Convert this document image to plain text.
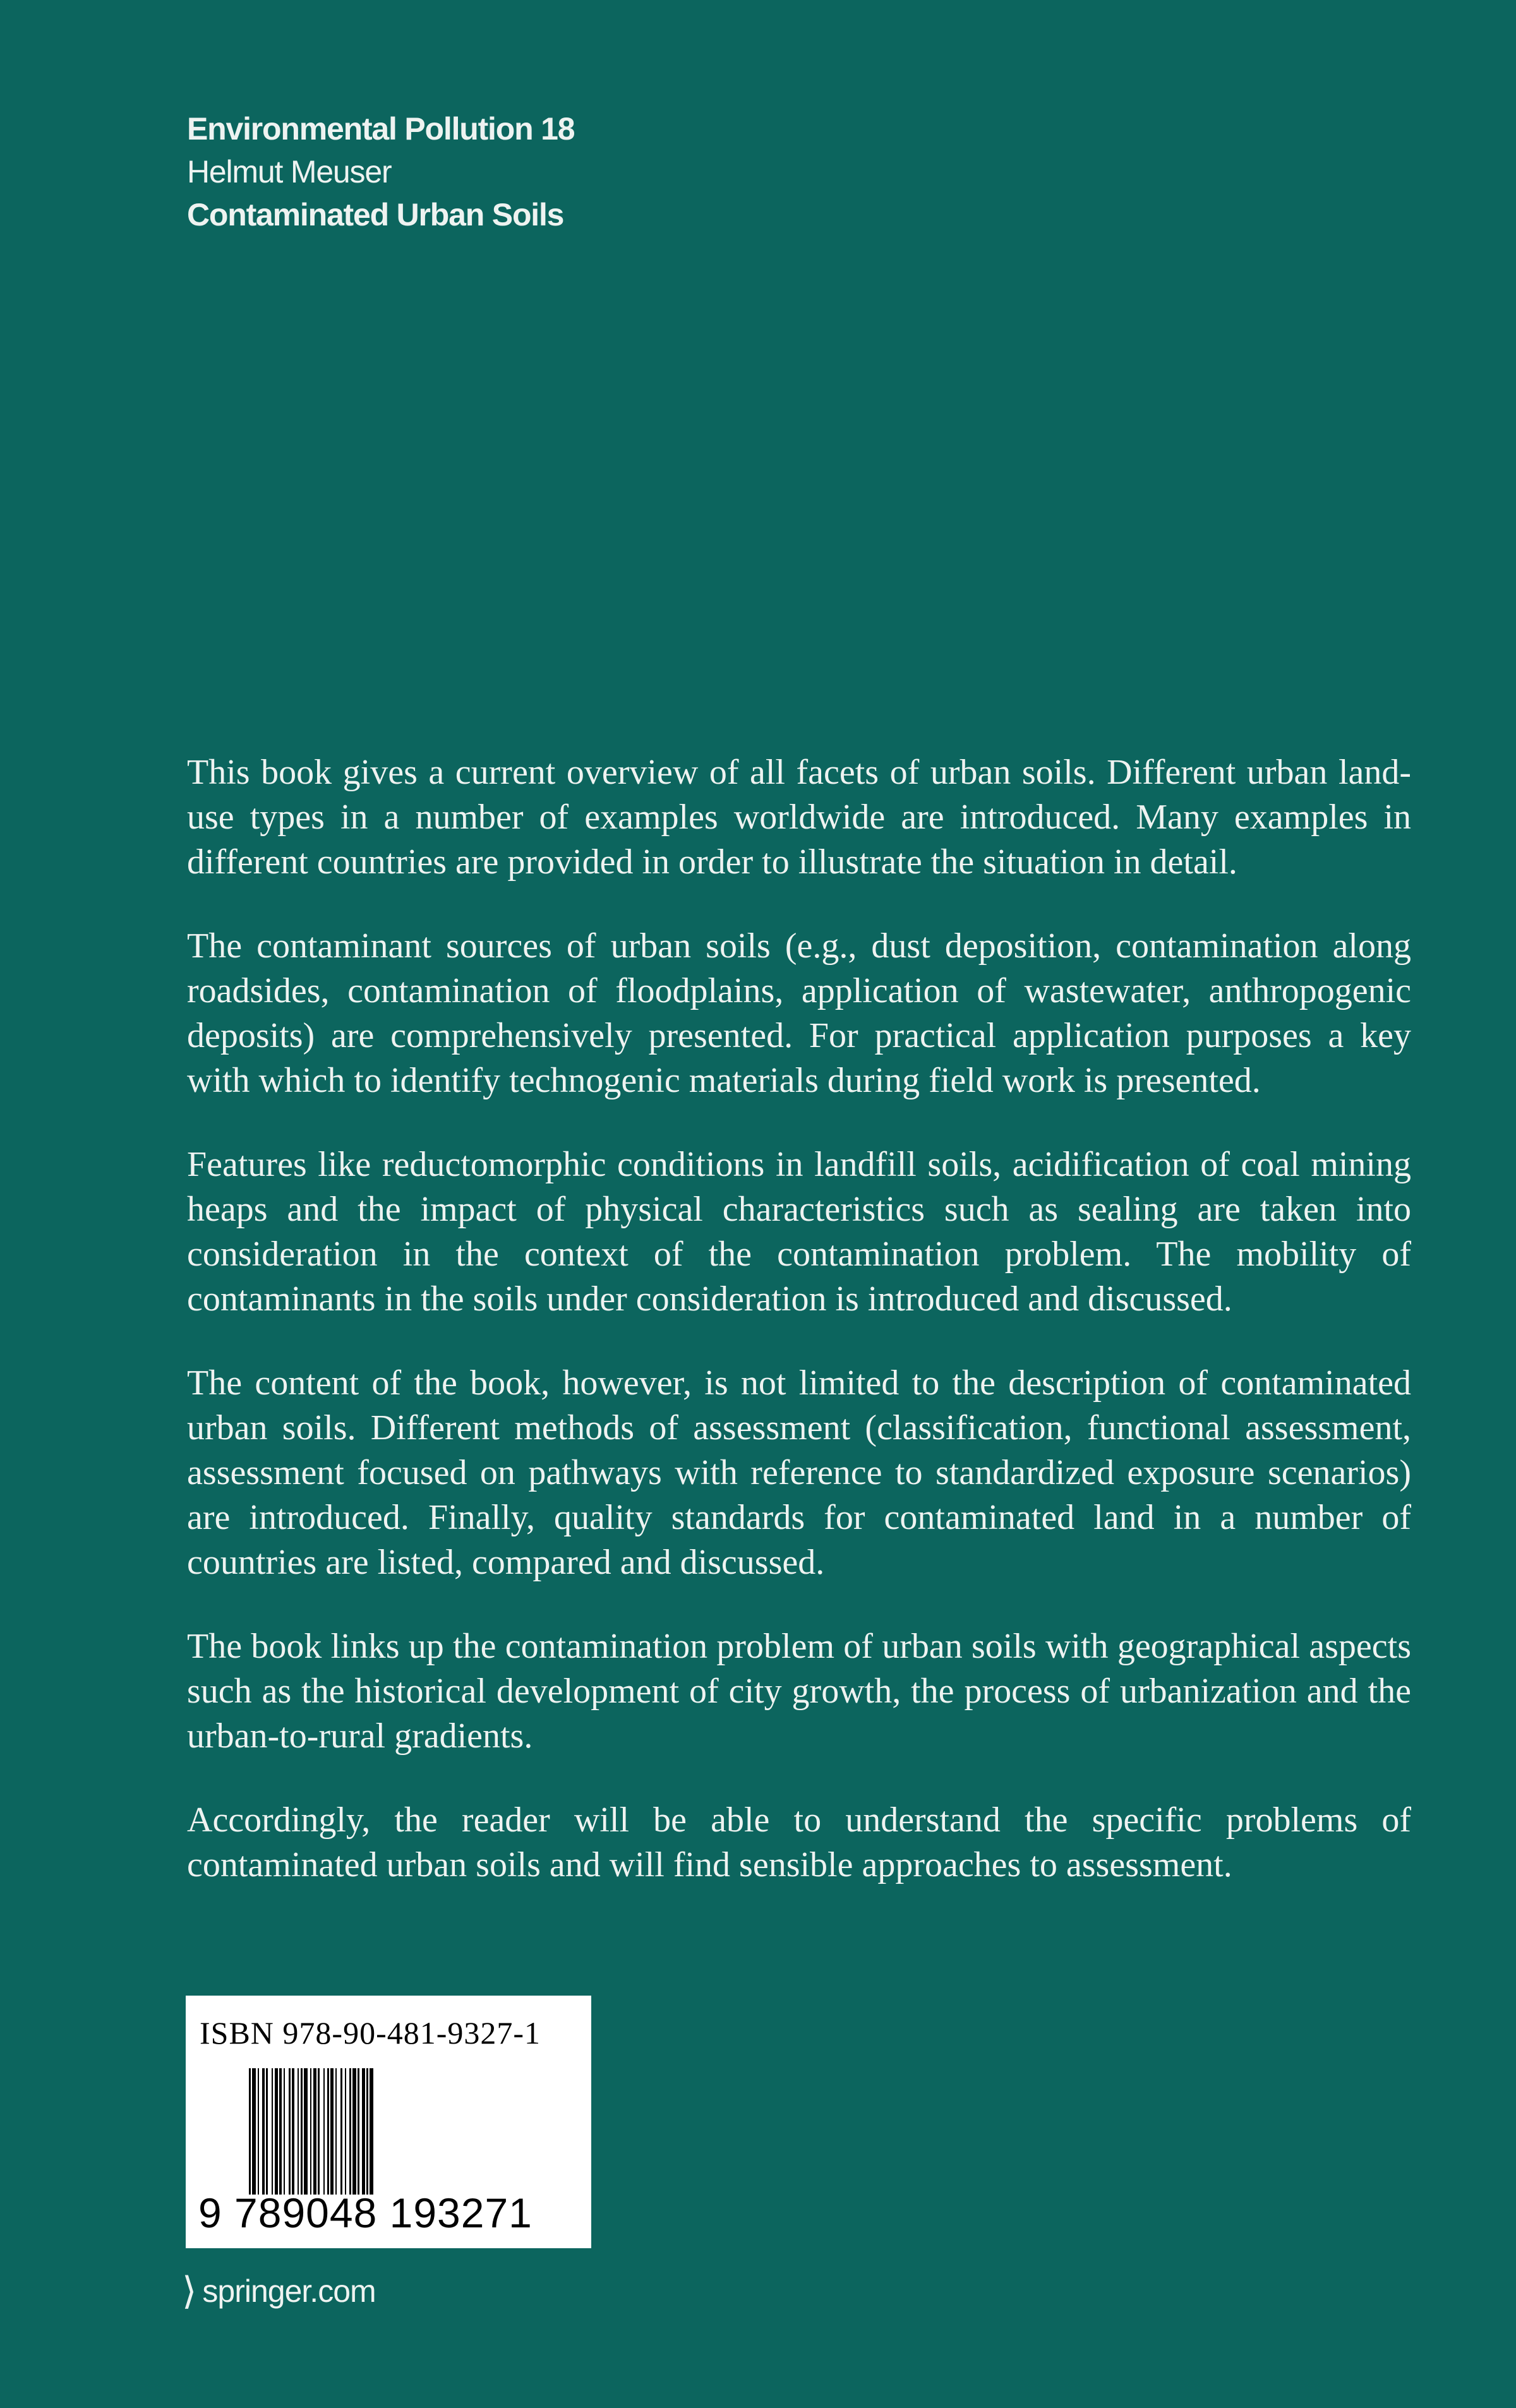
Environmental Pollution 18
Helmut Meuser
Contaminated Urban Soils

This book gives a current overview of all facets of urban soils. Different urban land-use types in a number of examples worldwide are introduced. Many examples in different countries are provided in order to illustrate the situation in detail.

The contaminant sources of urban soils (e.g., dust deposition, contamination along roadsides, contamination of floodplains, application of wastewater, anthropogenic deposits) are comprehensively presented. For practical application purposes a key with which to identify technogenic materials during field work is presented.

Features like reductomorphic conditions in landfill soils, acidification of coal mining heaps and the impact of physical characteristics such as sealing are taken into consideration in the context of the contamination problem. The mobility of contaminants in the soils under consideration is introduced and discussed.

The content of the book, however, is not limited to the description of contaminated urban soils. Different methods of assessment (classification, functional assessment, assessment focused on pathways with reference to standardized exposure scenarios) are introduced. Finally, quality standards for contaminated land in a number of countries are listed, compared and discussed.

The book links up the contamination problem of urban soils with geographical aspects such as the historical development of city growth, the process of urbanization and the urban-to-rural gradients.

Accordingly, the reader will be able to understand the specific problems of contaminated urban soils and will find sensible approaches to assessment.

ISBN 978-90-481-9327-1
9 789048 193271
⟩ springer.com
